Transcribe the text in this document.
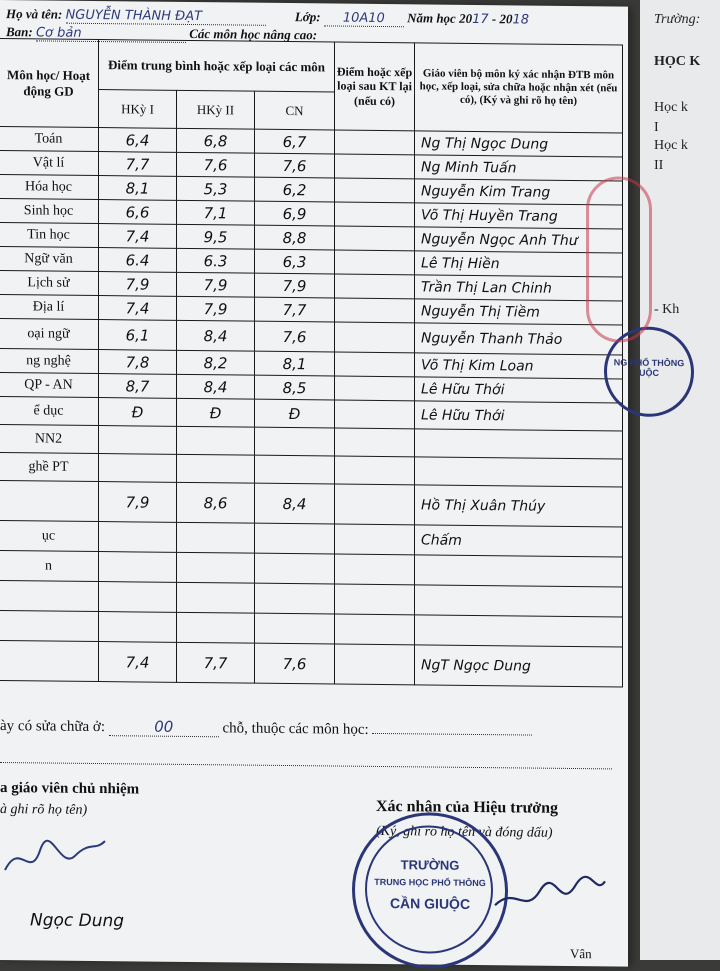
Trường:
HỌC K
Học k
I
Học k
II
- Kh
Họ và tên: NGUYỄN THÀNH ĐẠT	Lớp: 10A10 Năm học 2017 - 2018
Ban: Cơ bản	Các môn học nâng cao:
Môn học/ Hoạt động GD	Điểm trung bình hoặc xếp loại các môn			Điểm hoặc xếp loại sau KT lại (nếu có)	Giáo viên bộ môn ký xác nhận ĐTB môn học, xếp loại, sửa chữa hoặc nhận xét (nếu có), (Ký và ghi rõ họ tên)
	HKỳ I	HKỳ II	CN		
Toán	6,4	6,8	6,7		Ng Thị Ngọc Dung
Vật lí	7,7	7,6	7,6		Ng Minh Tuấn
Hóa học	8,1	5,3	6,2		Nguyễn Kim Trang
Sinh học	6,6	7,1	6,9		Võ Thị Huyền Trang
Tin học	7,4	9,5	8,8		Nguyễn Ngọc Anh Thư
Ngữ văn	6.4	6.3	6,3		Lê Thị Hiền
Lịch sử	7,9	7,9	7,9		Trần Thị Lan Chinh
Địa lí	7,4	7,9	7,7		Nguyễn Thị Tiềm
oại ngữ	6,1	8,4	7,6		Nguyễn Thanh Thảo
ng nghệ	7,8	8,2	8,1		Võ Thị Kim Loan
QP - AN	8,7	8,4	8,5		Lê Hữu Thới
ể dục	Đ	Đ	Đ		Lê Hữu Thới
NN2					
ghề PT					
	7,9	8,6	8,4		Hồ Thị Xuân Thúy
ục					Chấm
n					

	7,4	7,7	7,6		NgT Ngọc Dung
ày có sửa chữa ở:	00	chỗ, thuộc các môn học:
a giáo viên chủ nhiệm
à ghi rõ họ tên)
Ngọc Dung
Xác nhận của Hiệu trưởng
(Ký, ghi rõ họ tên và đóng dấu)
Vân
TRƯỜNG
TRUNG HỌC PHỔ THÔNG
CẦN GIUỘC
NG PHỔ THÔNG UỘC
